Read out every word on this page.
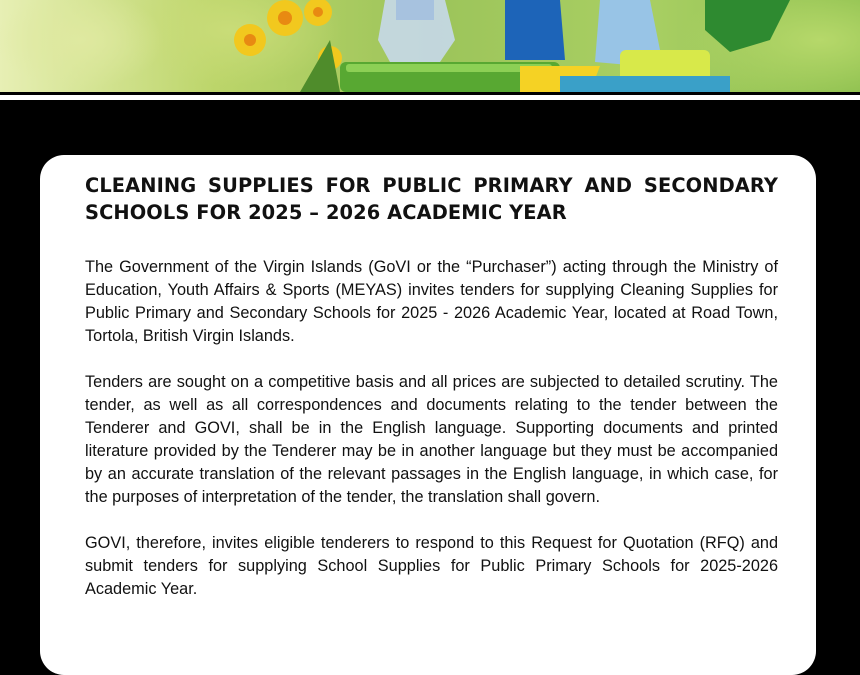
CLEANING SUPPLIES FOR PUBLIC PRIMARY AND SECONDARY SCHOOLS FOR 2025 – 2026 ACADEMIC YEAR

The Government of the Virgin Islands (GoVI or the “Purchaser”) acting through the Ministry of Education, Youth Affairs & Sports (MEYAS) invites tenders for supplying Cleaning Supplies for Public Primary and Secondary Schools for 2025 - 2026 Academic Year, located at Road Town, Tortola, British Virgin Islands.

Tenders are sought on a competitive basis and all prices are subjected to detailed scrutiny. The tender, as well as all correspondences and documents relating to the tender between the Tenderer and GOVI, shall be in the English language. Supporting documents and printed literature provided by the Tenderer may be in another language but they must be accompanied by an accurate translation of the relevant passages in the English language, in which case, for the purposes of interpretation of the tender, the translation shall govern.

GOVI, therefore, invites eligible tenderers to respond to this Request for Quotation (RFQ) and submit tenders for supplying School Supplies for Public Primary Schools for 2025-2026 Academic Year.
